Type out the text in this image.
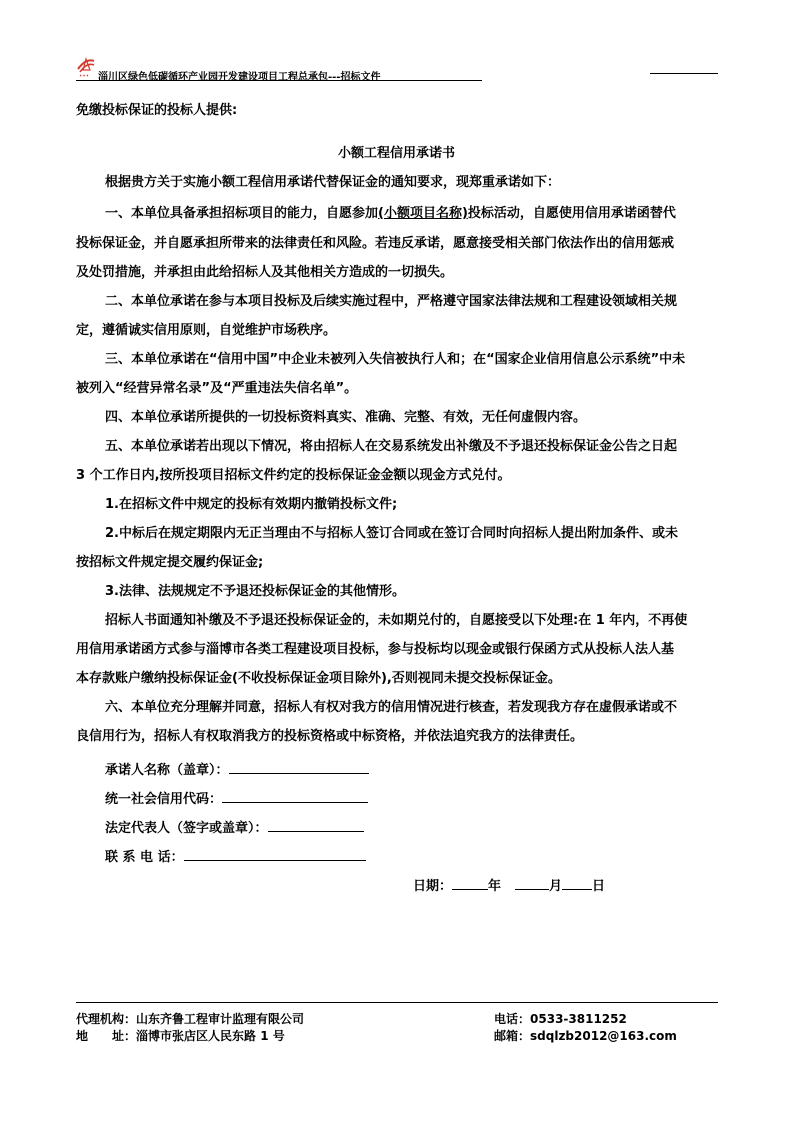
✦✦✦ 淄川区绿色低碳循环产业园开发建设项目工程总承包---招标文件
免缴投标保证的投标人提供:
小额工程信用承诺书
根据贵方关于实施小额工程信用承诺代替保证金的通知要求，现郑重承诺如下：
一、本单位具备承担招标项目的能力，自愿参加(小额项目名称)投标活动，自愿使用信用承诺函替代
投标保证金，并自愿承担所带来的法律责任和风险。若违反承诺，愿意接受相关部门依法作出的信用惩戒
及处罚措施，并承担由此给招标人及其他相关方造成的一切损失。
二、本单位承诺在参与本项目投标及后续实施过程中，严格遵守国家法律法规和工程建设领域相关规
定，遵循诚实信用原则，自觉维护市场秩序。
三、本单位承诺在“信用中国”中企业未被列入失信被执行人和；在“国家企业信用信息公示系统”中未
被列入“经营异常名录”及“严重违法失信名单”。
四、本单位承诺所提供的一切投标资料真实、准确、完整、有效，无任何虚假内容。
五、本单位承诺若出现以下情况，将由招标人在交易系统发出补缴及不予退还投标保证金公告之日起
3 个工作日内,按所投项目招标文件约定的投标保证金金额以现金方式兑付。
1.在招标文件中规定的投标有效期内撤销投标文件;
2.中标后在规定期限内无正当理由不与招标人签订合同或在签订合同时向招标人提出附加条件、或未
按招标文件规定提交履约保证金;
3.法律、法规规定不予退还投标保证金的其他情形。
招标人书面通知补缴及不予退还投标保证金的，未如期兑付的，自愿接受以下处理:在 1 年内，不再使
用信用承诺函方式参与淄博市各类工程建设项目投标，参与投标均以现金或银行保函方式从投标人法人基
本存款账户缴纳投标保证金(不收投标保证金项目除外),否则视同未提交投标保证金。
六、本单位充分理解并同意，招标人有权对我方的信用情况进行核查，若发现我方存在虚假承诺或不
良信用行为，招标人有权取消我方的投标资格或中标资格，并依法追究我方的法律责任。
承诺人名称（盖章）：
统一社会信用代码：
法定代表人（签字或盖章）：
联 系 电 话：
日期：	年	月 日
代理机构：山东齐鲁工程审计监理有限公司
地　　址：淄博市张店区人民东路 1 号
电话：0533-3811252
邮箱：sdqlzb2012@163.com
